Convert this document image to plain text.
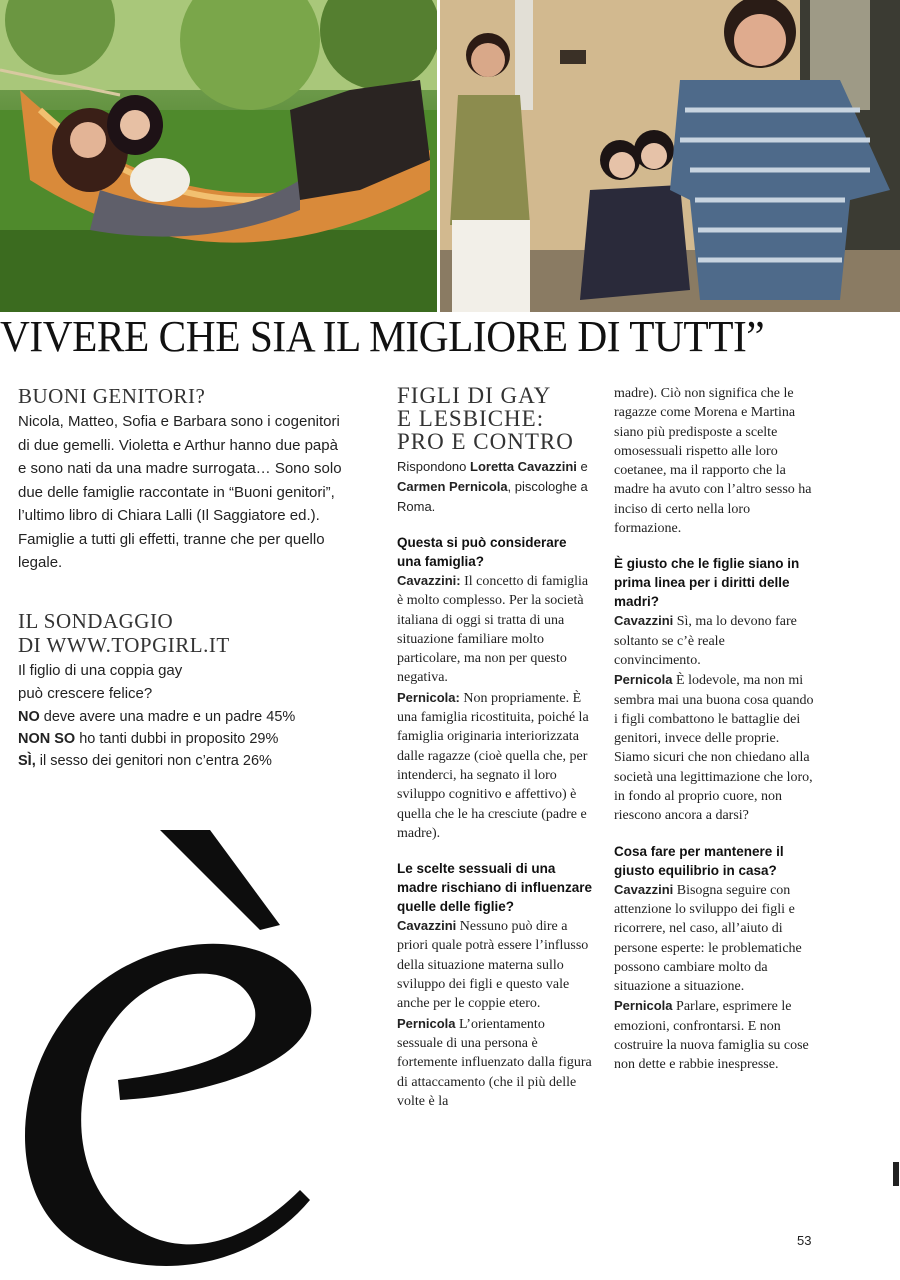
VIVERE CHE SIA IL MIGLIORE DI TUTTI”
BUONI GENITORI?

Nicola, Matteo, Sofia e Barbara sono i cogenitori di due gemelli. Violetta e Arthur hanno due papà e sono nati da una madre surrogata… Sono solo due delle famiglie raccontate in “Buoni genitori”, l’ultimo libro di Chiara Lalli (Il Saggiatore ed.). Famiglie a tutti gli effetti, tranne che per quello legale.

IL SONDAGGIO
DI WWW.TOPGIRL.IT

Il figlio di una coppia gay può crescere felice?

NO deve avere una madre e un padre 45%
NON SO ho tanti dubbi in proposito 29%
SÌ, il sesso dei genitori non c’entra 26%
FIGLI DI GAY
E LESBICHE:
PRO E CONTRO

Rispondono Loretta Cavazzini e Carmen Pernicola, piscologhe a Roma.

Questa si può considerare una famiglia?

Cavazzini: Il concetto di famiglia è molto complesso. Per la società italiana di oggi si tratta di una situazione familiare molto particolare, ma non per questo negativa.

Pernicola: Non propriamente. È una famiglia ricostituita, poiché la famiglia originaria interiorizzata dalle ragazze (cioè quella che, per intenderci, ha segnato il loro sviluppo cognitivo e affettivo) è quella che le ha cresciute (padre e madre).

Le scelte sessuali di una madre rischiano di influenzare quelle delle figlie?

Cavazzini Nessuno può dire a priori quale potrà essere l’influsso della situazione materna sullo sviluppo dei figli e questo vale anche per le coppie etero.

Pernicola L’orientamento sessuale di una persona è fortemente influenzato dalla figura di attaccamento (che il più delle volte è la

madre). Ciò non significa che le ragazze come Morena e Martina siano più predisposte a scelte omosessuali rispetto alle loro coetanee, ma il rapporto che la madre ha avuto con l’altro sesso ha inciso di certo nella loro formazione.

È giusto che le figlie siano in prima linea per i diritti delle madri?

Cavazzini Sì, ma lo devono fare soltanto se c’è reale convincimento.

Pernicola È lodevole, ma non mi sembra mai una buona cosa quando i figli combattono le battaglie dei genitori, invece delle proprie. Siamo sicuri che non chiedano alla società una legittimazione che loro, in fondo al proprio cuore, non riescono ancora a darsi?

Cosa fare per mantenere il giusto equilibrio in casa?

Cavazzini Bisogna seguire con attenzione lo sviluppo dei figli e ricorrere, nel caso, all’aiuto di persone esperte: le problematiche possono cambiare molto da situazione a situazione.

Pernicola Parlare, esprimere le emozioni, confrontarsi. E non costruire la nuova famiglia su cose non dette e rabbie inespresse.

53
